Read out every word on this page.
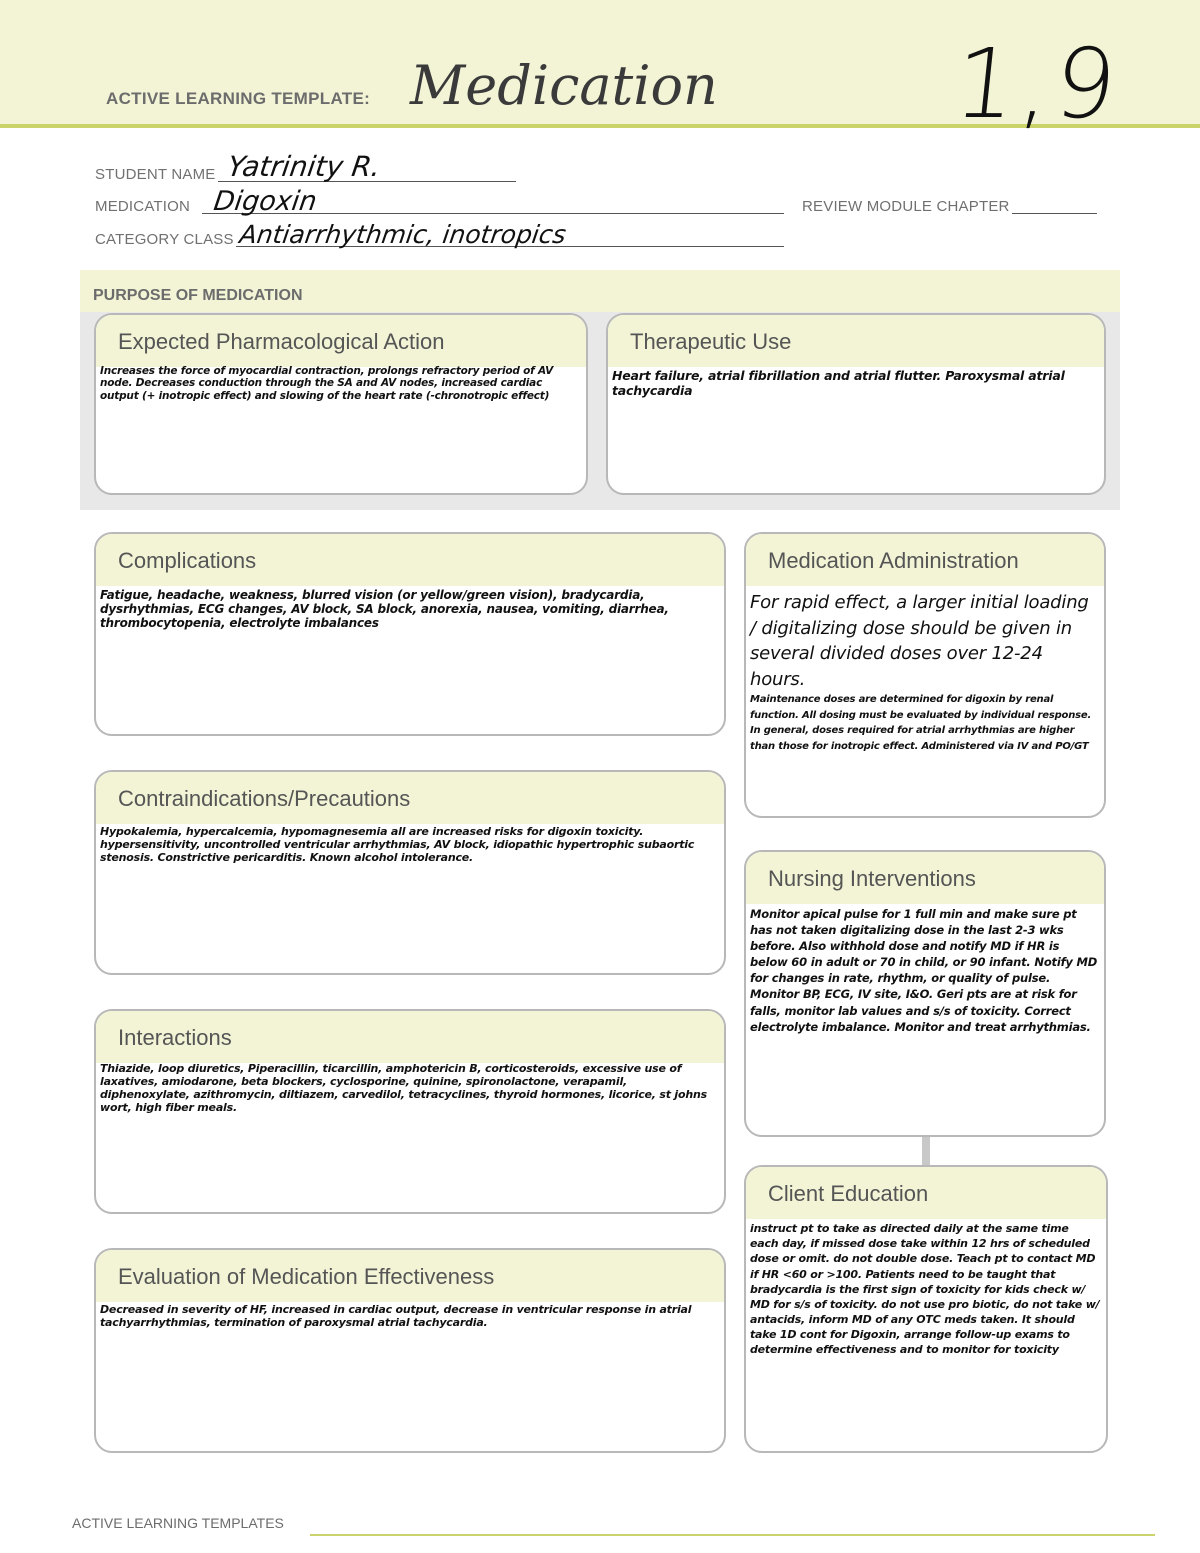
ACTIVE LEARNING TEMPLATE: Medication 1,9
STUDENT NAME Yatrinity R.
MEDICATION Digoxin	REVIEW MODULE CHAPTER
CATEGORY CLASS Antiarrhythmic, inotropics
PURPOSE OF MEDICATION
Expected Pharmacological Action
Increases the force of myocardial contraction, prolongs refractory period of AV node. Decreases conduction through the SA and AV nodes, increased cardiac output (+ inotropic effect) and slowing of the heart rate (-chronotropic effect)
Therapeutic Use
Heart failure, atrial fibrillation and atrial flutter. Paroxysmal atrial tachycardia
Complications
Fatigue, headache, weakness, blurred vision (or yellow/green vision), bradycardia, dysrhythmias, ECG changes, AV block, SA block, anorexia, nausea, vomiting, diarrhea, thrombocytopenia, electrolyte imbalances
Contraindications/Precautions
Hypokalemia, hypercalcemia, hypomagnesemia all are increased risks for digoxin toxicity. hypersensitivity, uncontrolled ventricular arrhythmias, AV block, idiopathic hypertrophic subaortic stenosis. Constrictive pericarditis. Known alcohol intolerance.
Interactions
Thiazide, loop diuretics, Piperacillin, ticarcillin, amphotericin B, corticosteroids, excessive use of laxatives, amiodarone, beta blockers, cyclosporine, quinine, spironolactone, verapamil, diphenoxylate, azithromycin, diltiazem, carvedilol, tetracyclines, thyroid hormones, licorice, st johns wort, high fiber meals.
Evaluation of Medication Effectiveness
Decreased in severity of HF, increased in cardiac output, decrease in ventricular response in atrial tachyarrhythmias, termination of paroxysmal atrial tachycardia.
Medication Administration
For rapid effect, a larger initial loading / digitalizing dose should be given in several divided doses over 12-24 hours.
Maintenance doses are determined for digoxin by renal function. All dosing must be evaluated by individual response. In general, doses required for atrial arrhythmias are higher than those for inotropic effect. Administered via IV and PO/GT
Nursing Interventions
Monitor apical pulse for 1 full min and make sure pt has not taken digitalizing dose in the last 2-3 wks before. Also withhold dose and notify MD if HR is below 60 in adult or 70 in child, or 90 infant. Notify MD for changes in rate, rhythm, or quality of pulse. Monitor BP, ECG, IV site, I&O. Geri pts are at risk for falls, monitor lab values and s/s of toxicity. Correct electrolyte imbalance. Monitor and treat arrhythmias.
Client Education
instruct pt to take as directed daily at the same time each day, if missed dose take within 12 hrs of scheduled dose or omit. do not double dose. Teach pt to contact MD if HR <60 or >100. Patients need to be taught that bradycardia is the first sign of toxicity for kids check w/ MD for s/s of toxicity. do not use pro biotic, do not take w/ antacids, inform MD of any OTC meds taken. It should take 1D cont for Digoxin, arrange follow-up exams to determine effectiveness and to monitor for toxicity
ACTIVE LEARNING TEMPLATES
